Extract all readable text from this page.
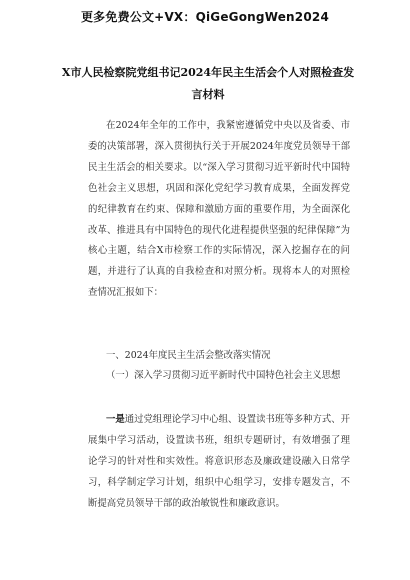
更多免费公文+VX：QiGeGongWen2024
X市人民检察院党组书记2024年民主生活会个人对照检查发言材料
在2024年全年的工作中，我紧密遵循党中央以及省委、市委的决策部署，深入贯彻执行关于开展2024年度党员领导干部民主生活会的相关要求。以“深入学习贯彻习近平新时代中国特色社会主义思想，巩固和深化党纪学习教育成果，全面发挥党的纪律教育在约束、保障和激励方面的重要作用，为全面深化改革、推进具有中国特色的现代化进程提供坚强的纪律保障”为核心主题，结合X市检察工作的实际情况，深入挖掘存在的问题，并进行了认真的自我检查和对照分析。现将本人的对照检查情况汇报如下：
一、2024年度民主生活会整改落实情况
（一）深入学习贯彻习近平新时代中国特色社会主义思想
一是通过党组理论学习中心组、设置读书班等多种方式、开展集中学习活动，设置读书班，组织专题研讨，有效增强了理论学习的针对性和实效性。将意识形态及廉政建设融入日常学习，科学制定学习计划，组织中心组学习，安排专题发言，不断提高党员领导干部的政治敏锐性和廉政意识。
